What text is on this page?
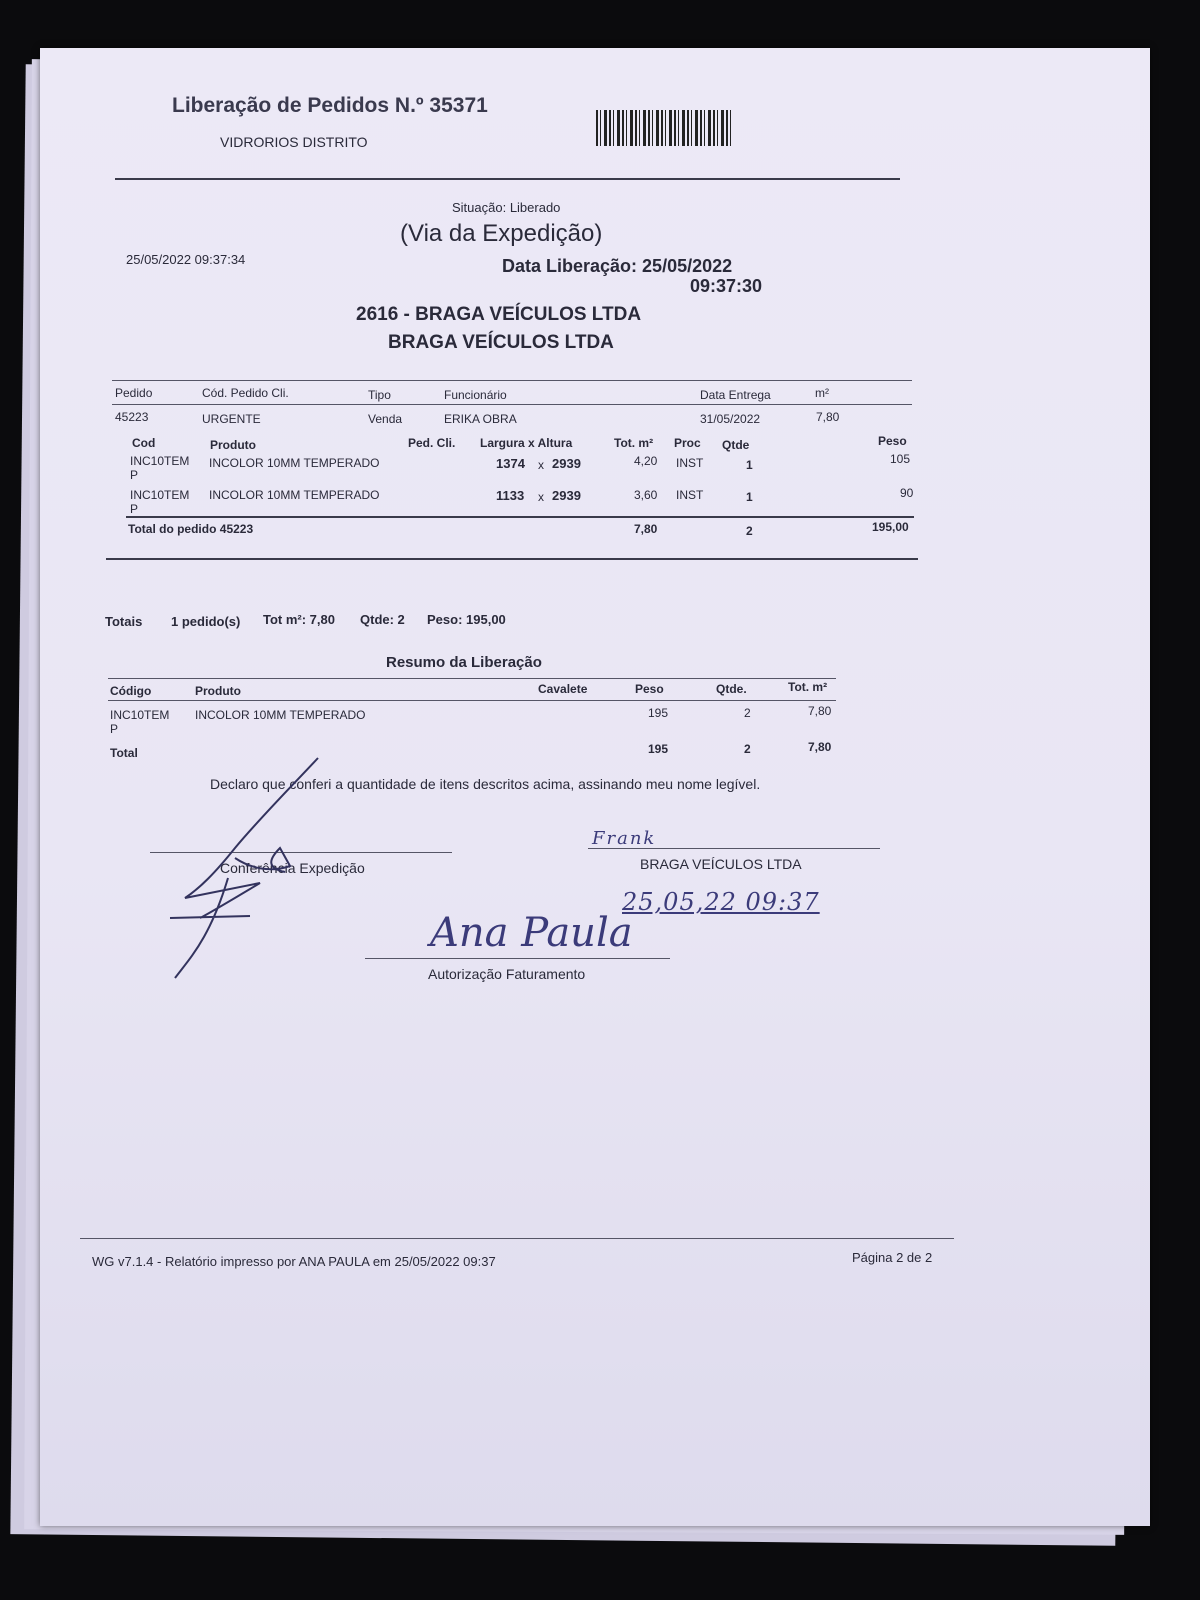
Liberação de Pedidos N.º 35371
VIDRORIOS DISTRITO
Situação: Liberado
(Via da Expedição)
25/05/2022 09:37:34	Data Liberação: 25/05/2022
09:37:30
2616 - BRAGA VEÍCULOS LTDA
BRAGA VEÍCULOS LTDA
Pedido	Cód. Pedido Cli.	Tipo	Funcionário	Data Entrega	m²
45223	URGENTE	Venda	ERIKA OBRA	31/05/2022	7,80
Cod	Produto	Ped. Cli. Largura x Altura	Tot. m² Proc Qtde	Peso
INC10TEM
P
INCOLOR 10MM TEMPERADO	1374 x 2939	4,20 INST	1	105
INC10TEM
P
INCOLOR 10MM TEMPERADO	1133 x 2939	3,60 INST	1	90
Total do pedido 45223	7,80	2	195,00
Totais 1 pedido(s) Tot m²: 7,80 Qtde: 2 Peso: 195,00
Resumo da Liberação
Código	Produto	Cavalete	Peso	Qtde.	Tot. m²
INC10TEM
P
INCOLOR 10MM TEMPERADO	195	2	7,80
Total	195	2	7,80
Declaro que conferi a quantidade de itens descritos acima, assinando meu nome legível.
Conferência Expedição	BRAGA VEÍCULOS LTDA
Autorização Faturamento
Frank
25,05,22 09:37
Ana Paula
WG v7.1.4 - Relatório impresso por ANA PAULA em 25/05/2022 09:37	Página 2 de 2
